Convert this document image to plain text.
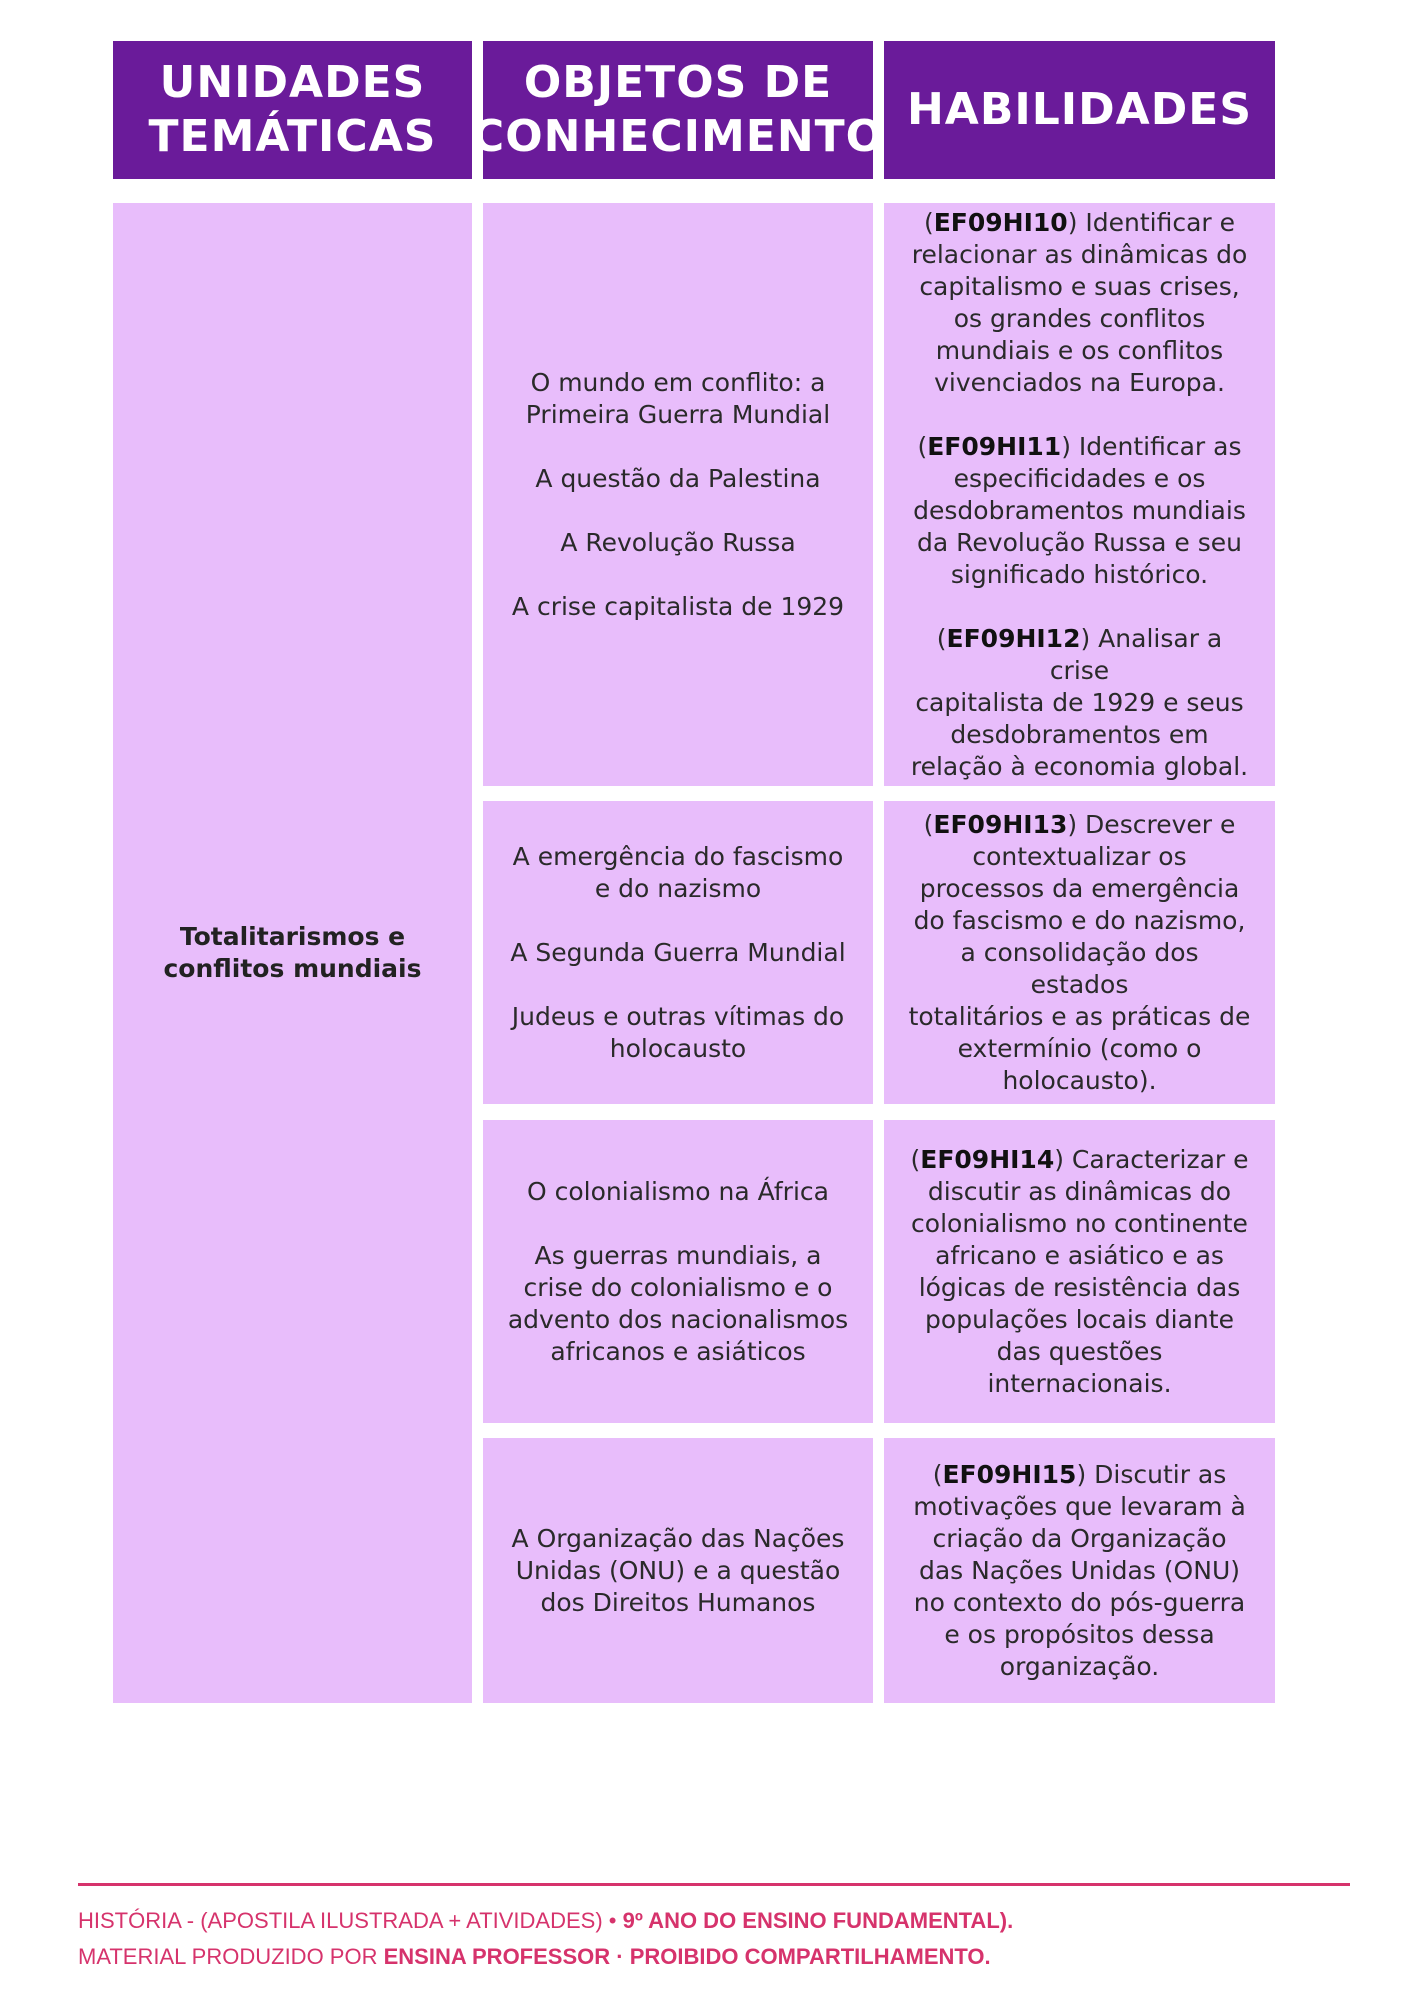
UNIDADES
TEMÁTICAS
OBJETOS DE
CONHECIMENTO
HABILIDADES
Totalitarismos e
conflitos mundiais
O mundo em conflito: a
Primeira Guerra Mundial
A questão da Palestina
A Revolução Russa
A crise capitalista de 1929
(EF09HI10) Identificar e
relacionar as dinâmicas do
capitalismo e suas crises,
os grandes conflitos
mundiais e os conflitos
vivenciados na Europa.
(EF09HI11) Identificar as
especificidades e os
desdobramentos mundiais
da Revolução Russa e seu
significado histórico.
(EF09HI12) Analisar a crise
capitalista de 1929 e seus
desdobramentos em
relação à economia global.
A emergência do fascismo
e do nazismo
A Segunda Guerra Mundial
Judeus e outras vítimas do
holocausto
(EF09HI13) Descrever e
contextualizar os
processos da emergência
do fascismo e do nazismo,
a consolidação dos estados
totalitários e as práticas de
extermínio (como o
holocausto).
O colonialismo na África
As guerras mundiais, a
crise do colonialismo e o
advento dos nacionalismos
africanos e asiáticos
(EF09HI14) Caracterizar e
discutir as dinâmicas do
colonialismo no continente
africano e asiático e as
lógicas de resistência das
populações locais diante
das questões
internacionais.
A Organização das Nações
Unidas (ONU) e a questão
dos Direitos Humanos
(EF09HI15) Discutir as
motivações que levaram à
criação da Organização
das Nações Unidas (ONU)
no contexto do pós-guerra
e os propósitos dessa
organização.
HISTÓRIA - (APOSTILA ILUSTRADA + ATIVIDADES) • 9º ANO DO ENSINO FUNDAMENTAL).
MATERIAL PRODUZIDO POR ENSINA PROFESSOR · PROIBIDO COMPARTILHAMENTO.
